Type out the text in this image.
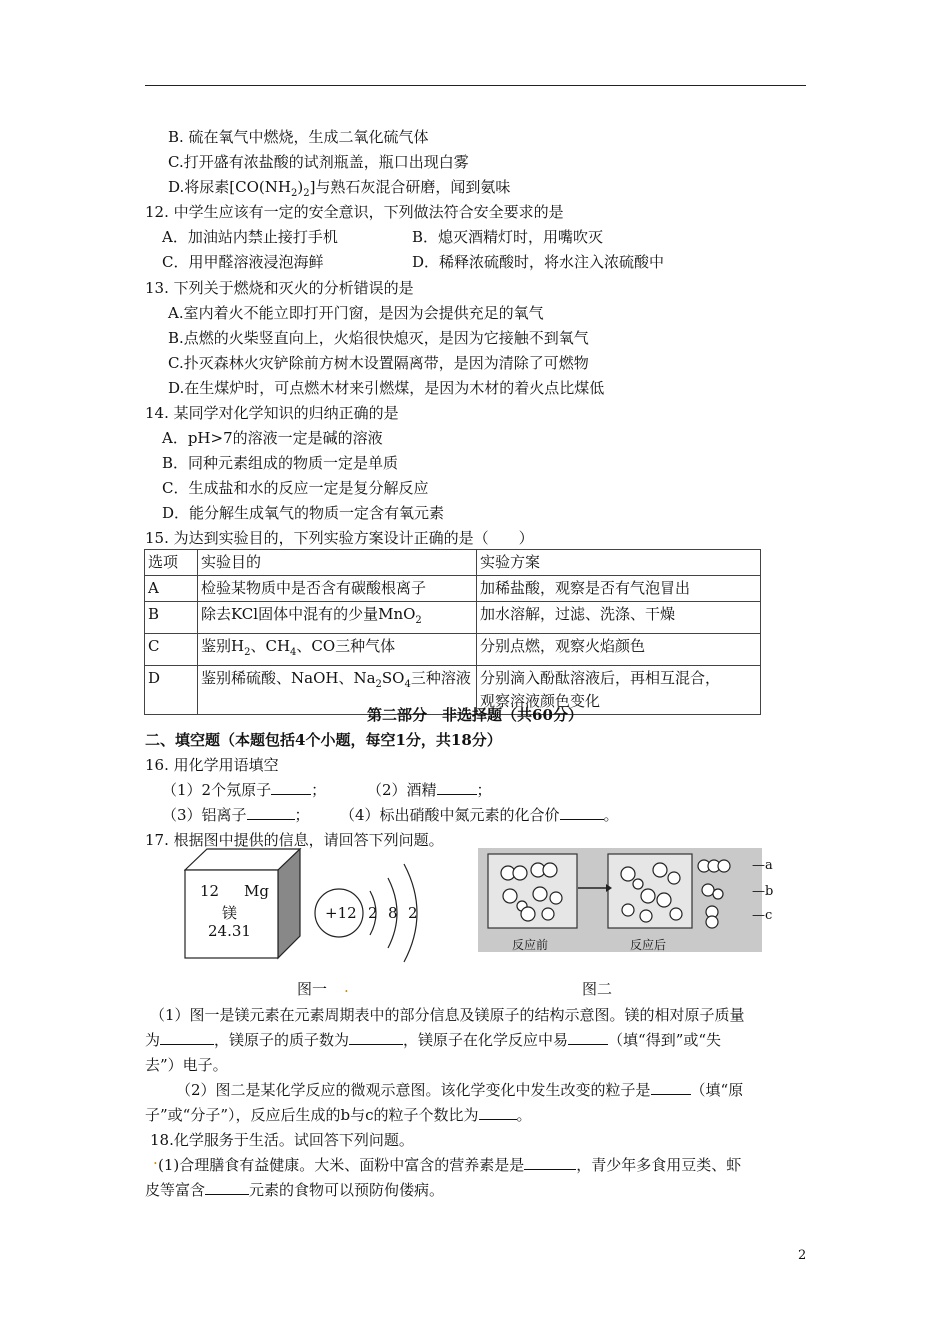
B. 硫在氧气中燃烧，生成二氧化硫气体
C.打开盛有浓盐酸的试剂瓶盖，瓶口出现白雾
D.将尿素$[CO(NH_2)_2]$与熟石灰混合研磨，闻到氨味
12. 中学生应该有一定的安全意识，下列做法符合安全要求的是
A．加油站内禁止接打手机	B．熄灭酒精灯时，用嘴吹灭
C．用甲醛溶液浸泡海鲜	D．稀释浓硫酸时，将水注入浓硫酸中
13. 下列关于燃烧和灭火的分析错误的是
A.室内着火不能立即打开门窗，是因为会提供充足的氧气
B.点燃的火柴竖直向上，火焰很快熄灭，是因为它接触不到氧气
C.扑灭森林火灾铲除前方树木设置隔离带，是因为清除了可燃物
D.在生煤炉时，可点燃木材来引燃煤，是因为木材的着火点比煤低
14. 某同学对化学知识的归纳正确的是
A．pH>7的溶液一定是碱的溶液
B．同种元素组成的物质一定是单质
C．生成盐和水的反应一定是复分解反应
D．能分解生成氧气的物质一定含有氧元素
15. 为达到实验目的，下列实验方案设计正确的是（　　）
选项	实验目的	实验方案
A	检验某物质中是否含有碳酸根离子	加稀盐酸，观察是否有气泡冒出
B	除去KCl固体中混有的少量MnO$_2$	加水溶解，过滤、洗涤、干燥
C	鉴别$H_2$、$CH_4$、CO三种气体	分别点燃，观察火焰颜色
D	鉴别稀硫酸、NaOH、$Na_2SO_4$三种溶液	分别滴入酚酞溶液后，再相互混合，
观察溶液颜色变化
第二部分　非选择题（共60分）
二、填空题（本题包括4个小题，每空1分，共18分）
16. 用化学用语填空
（1）2个氖原子	；	（2）酒精	；
（3）铝离子	； （4）标出硝酸中氮元素的化合价	。
17. 根据图中提供的信息，请回答下列问题。
12 Mg
镁
24.31
+12 2 8 2
—a
—b
—c
反应前	反应后
图一 .	图二
（1）图一是镁元素在元素周期表中的部分信息及镁原子的结构示意图。镁的相对原子质量
为	，镁原子的质子数为	，镁原子在化学反应中易	（填“得到”或“失
去”）电子。
（2）图二是某化学反应的微观示意图。该化学变化中发生改变的粒子是	（填“原
子”或“分子”），反应后生成的b与c的粒子个数比为	。
18.化学服务于生活。试回答下列问题。
. (1)合理膳食有益健康。大米、面粉中富含的营养素是是	，青少年多食用豆类、虾
皮等富含	元素的食物可以预防佝偻病。
2
